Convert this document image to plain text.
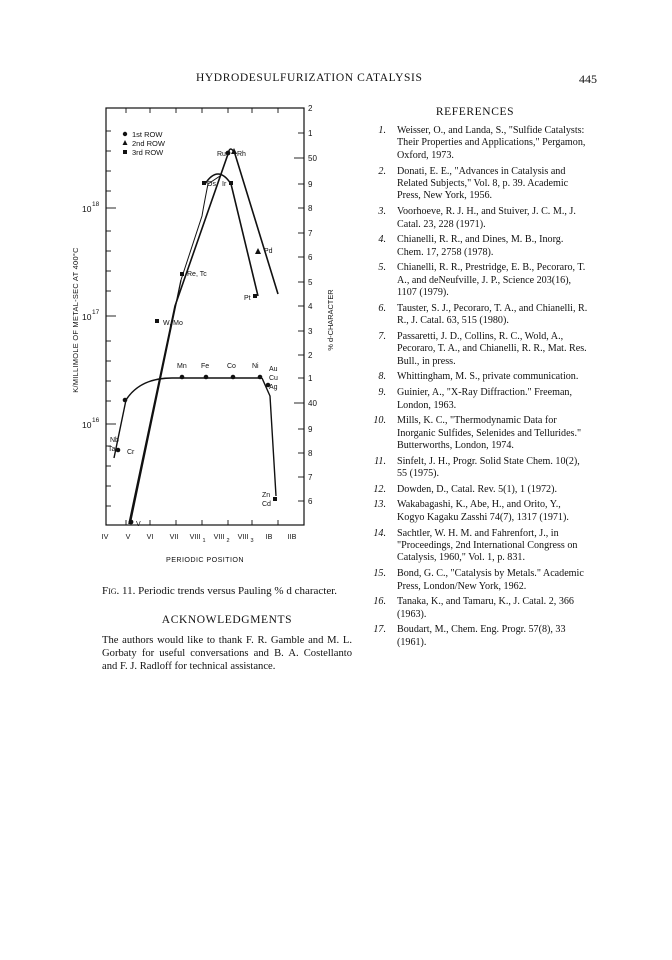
HYDRODESULFURIZATION CATALYSIS	445
2
1
50
9
8
7
6
5
4
3
2
1
40
9
8
7
6
10 18
10 17
10 16
K/MILLIMOLE OF METAL-SEC AT 400°C	% d-CHARACTER
1st ROW
2nd ROW
3rd ROW	Ru Rh
Os Ir
Re, Tc
Pd
Pt
W, Mo
Mn Fe	Co Ni Au
Cu
Ag
Nb
Ta Cr
Zn
Cd
V
IV V VI VII VIII 1 VIII 2 VIII 3 IB IIB
PERIODIC POSITION
Fig. 11. Periodic trends versus Pauling % d character.
ACKNOWLEDGMENTS
The authors would like to thank F. R. Gamble and M. L. Gorbaty for useful conversations and B. A. Costellanto and F. J. Radloff for technical assistance.
REFERENCES
1. Weisser, O., and Landa, S., "Sulfide Catalysts: Their Properties and Applications," Pergamon, Oxford, 1973.
2. Donati, E. E., "Advances in Catalysis and Related Subjects," Vol. 8, p. 39. Academic Press, New York, 1956.
3. Voorhoeve, R. J. H., and Stuiver, J. C. M., J. Catal. 23, 228 (1971).
4. Chianelli, R. R., and Dines, M. B., Inorg. Chem. 17, 2758 (1978).
5. Chianelli, R. R., Prestridge, E. B., Pecoraro, T. A., and deNeufville, J. P., Science 203(16), 1107 (1979).
6. Tauster, S. J., Pecoraro, T. A., and Chianelli, R. R., J. Catal. 63, 515 (1980).
7. Passaretti, J. D., Collins, R. C., Wold, A., Pecoraro, T. A., and Chianelli, R. R., Mat. Res. Bull., in press.
8. Whittingham, M. S., private communication.
9. Guinier, A., "X-Ray Diffraction." Freeman, London, 1963.
10. Mills, K. C., "Thermodynamic Data for Inorganic Sulfides, Selenides and Tellurides." Butterworths, London, 1974.
11. Sinfelt, J. H., Progr. Solid State Chem. 10(2), 55 (1975).
12. Dowden, D., Catal. Rev. 5(1), 1 (1972).
13. Wakabagashi, K., Abe, H., and Orito, Y., Kogyo Kagaku Zasshi 74(7), 1317 (1971).
14. Sachtler, W. H. M. and Fahrenfort, J., in "Proceedings, 2nd International Congress on Catalysis, 1960," Vol. 1, p. 831.
15. Bond, G. C., "Catalysis by Metals." Academic Press, London/New York, 1962.
16. Tanaka, K., and Tamaru, K., J. Catal. 2, 366 (1963).
17. Boudart, M., Chem. Eng. Progr. 57(8), 33 (1961).
